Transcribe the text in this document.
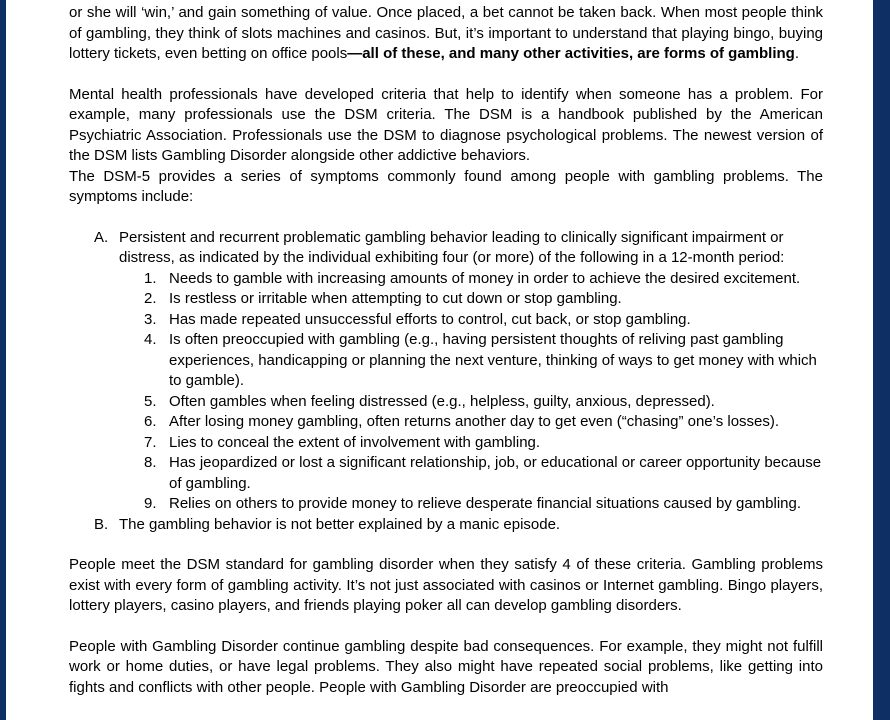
or she will ‘win,’ and gain something of value. Once placed, a bet cannot be taken back. When most people think of gambling, they think of slots machines and casinos. But, it’s important to understand that playing bingo, buying lottery tickets, even betting on office pools—all of these, and many other activities, are forms of gambling.

Mental health professionals have developed criteria that help to identify when someone has a problem. For example, many professionals use the DSM criteria. The DSM is a handbook published by the American Psychiatric Association. Professionals use the DSM to diagnose psychological problems. The newest version of the DSM lists Gambling Disorder alongside other addictive behaviors.

The DSM-5 provides a series of symptoms commonly found among people with gambling problems. The symptoms include:

A. Persistent and recurrent problematic gambling behavior leading to clinically significant impairment or distress, as indicated by the individual exhibiting four (or more) of the following in a 12-month period:
1. Needs to gamble with increasing amounts of money in order to achieve the desired excitement.
2. Is restless or irritable when attempting to cut down or stop gambling.
3. Has made repeated unsuccessful efforts to control, cut back, or stop gambling.
4. Is often preoccupied with gambling (e.g., having persistent thoughts of reliving past gambling experiences, handicapping or planning the next venture, thinking of ways to get money with which to gamble).
5. Often gambles when feeling distressed (e.g., helpless, guilty, anxious, depressed).
6. After losing money gambling, often returns another day to get even (“chasing” one’s losses).
7. Lies to conceal the extent of involvement with gambling.
8. Has jeopardized or lost a significant relationship, job, or educational or career opportunity because of gambling.
9. Relies on others to provide money to relieve desperate financial situations caused by gambling.
B. The gambling behavior is not better explained by a manic episode.

People meet the DSM standard for gambling disorder when they satisfy 4 of these criteria. Gambling problems exist with every form of gambling activity. It’s not just associated with casinos or Internet gambling. Bingo players, lottery players, casino players, and friends playing poker all can develop gambling disorders.

People with Gambling Disorder continue gambling despite bad consequences. For example, they might not fulfill work or home duties, or have legal problems. They also might have repeated social problems, like getting into fights and conflicts with other people. People with Gambling Disorder are preoccupied with
